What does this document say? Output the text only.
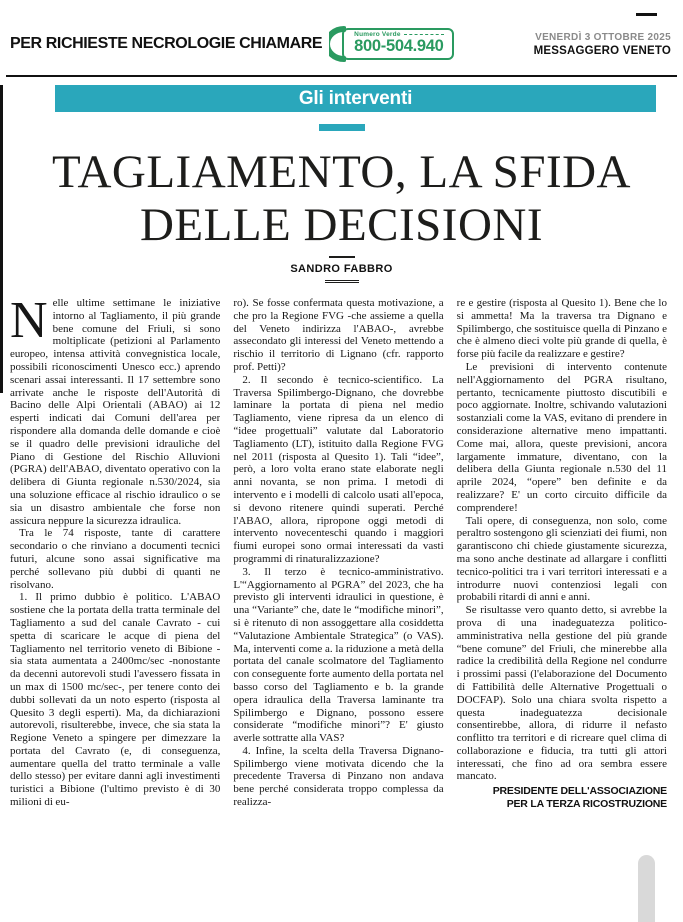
PER RICHIESTE NECROLOGIE CHIAMARE
Numero Verde
800-504.940
VENERDÌ 3 OTTOBRE 2025
MESSAGGERO VENETO
Gli interventi
TAGLIAMENTO, LA SFIDA
DELLE DECISIONI
SANDRO FABBRO

Nelle ultime settimane le iniziative intorno al Tagliamento, il più grande bene comune del Friuli, si sono moltiplicate (petizioni al Parlamento europeo, intensa attività convegnistica locale, possibili riconoscimenti Unesco ecc.) aprendo scenari assai interessanti. Il 17 settembre sono arrivate anche le risposte dell'Autorità di Bacino delle Alpi Orientali (ABAO) ai 12 esperti indicati dai Comuni dell'area per rispondere alla domanda delle domande e cioè se il quadro delle previsioni idrauliche del Piano di Gestione del Rischio Alluvioni (PGRA) dell'ABAO, diventato operativo con la delibera di Giunta regionale n.530/2024, sia una soluzione efficace al rischio idraulico o se sia un disastro ambientale che forse non assicura neppure la sicurezza idraulica.

Tra le 74 risposte, tante di carattere secondario o che rinviano a documenti tecnici futuri, alcune sono assai significative ma perché sollevano più dubbi di quanti ne risolvano.

1. Il primo dubbio è politico. L'ABAO sostiene che la portata della tratta terminale del Tagliamento a sud del canale Cavrato - cui spetta di scaricare le acque di piena del Tagliamento nel territorio veneto di Bibione - sia stata aumentata a 2400mc/sec -nonostante da decenni autorevoli studi l'avessero fissata in un max di 1500 mc/sec-, per tenere conto dei dubbi sollevati da un noto esperto (risposta al Quesito 3 degli esperti). Ma, da dichiarazioni autorevoli, risulterebbe, invece, che sia stata la Regione Veneto a spingere per dimezzare la portata del Cavrato (e, di conseguenza, aumentare quella del tratto terminale a valle dello stesso) per evitare danni agli investimenti turistici a Bibione (l'ultimo previsto è di 30 milioni di eu-

ro). Se fosse confermata questa motivazione, a che pro la Regione FVG -che assieme a quella del Veneto indirizza l'ABAO-, avrebbe assecondato gli interessi del Veneto mettendo a rischio il territorio di Lignano (cfr. rapporto prof. Petti)?

2. Il secondo è tecnico-scientifico. La Traversa Spilimbergo-Dignano, che dovrebbe laminare la portata di piena nel medio Tagliamento, viene ripresa da un elenco di “idee progettuali” valutate dal Laboratorio Tagliamento (LT), istituito dalla Regione FVG nel 2011 (risposta al Quesito 1). Tali “idee”, però, a loro volta erano state elaborate negli anni novanta, se non prima. I metodi di intervento e i modelli di calcolo usati all'epoca, si devono ritenere quindi superati. Perché l'ABAO, allora, ripropone oggi metodi di intervento novecenteschi quando i maggiori fiumi europei sono ormai interessati da vasti programmi di rinaturalizzazione?

3. Il terzo è tecnico-amministrativo. L'“Aggiornamento al PGRA” del 2023, che ha previsto gli interventi idraulici in questione, è una “Variante” che, date le “modifiche minori”, si è ritenuto di non assoggettare alla cosiddetta “Valutazione Ambientale Strategica” (o VAS). Ma, interventi come a. la riduzione a metà della portata del canale scolmatore del Tagliamento con conseguente forte aumento della portata nel basso corso del Tagliamento e b. la grande opera idraulica della Traversa laminante tra Spilimbergo e Dignano, possono essere considerate “modifiche minori”? E' giusto averle sottratte alla VAS?

4. Infine, la scelta della Traversa Dignano-Spilimbergo viene motivata dicendo che la precedente Traversa di Pinzano non andava bene perché considerata troppo complessa da realizza-

re e gestire (risposta al Quesito 1). Bene che lo si ammetta! Ma la traversa tra Dignano e Spilimbergo, che sostituisce quella di Pinzano e che è almeno dieci volte più grande di quella, è forse più facile da realizzare e gestire?

Le previsioni di intervento contenute nell'Aggiornamento del PGRA risultano, pertanto, tecnicamente piuttosto discutibili e poco aggiornate. Inoltre, schivando valutazioni sostanziali come la VAS, evitano di prendere in considerazione alternative meno impattanti. Come mai, allora, queste previsioni, ancora largamente immature, diventano, con la delibera della Giunta regionale n.530 del 11 aprile 2024, “opere” ben definite e da realizzare? E' un corto circuito difficile da comprendere!

Tali opere, di conseguenza, non solo, come peraltro sostengono gli scienziati dei fiumi, non garantiscono chi chiede giustamente sicurezza, ma sono anche destinate ad allargare i conflitti tecnico-politici tra i vari territori interessati e a introdurre nuovi contenziosi legali con probabili ritardi di anni e anni.

Se risultasse vero quanto detto, si avrebbe la prova di una inadeguatezza politico-amministrativa nella gestione del più grande “bene comune” del Friuli, che minerebbe alla radice la credibilità della Regione nel condurre i prossimi passi (l'elaborazione del Documento di Fattibilità delle Alternative Progettuali o DOCFAP). Solo una chiara svolta rispetto a questa inadeguatezza decisionale consentirebbe, allora, di ridurre il nefasto conflitto tra territori e di ricreare quel clima di collaborazione e fiducia, tra tutti gli attori interessati, che fino ad ora sembra essere mancato.

PRESIDENTE DELL'ASSOCIAZIONE
PER LA TERZA RICOSTRUZIONE
